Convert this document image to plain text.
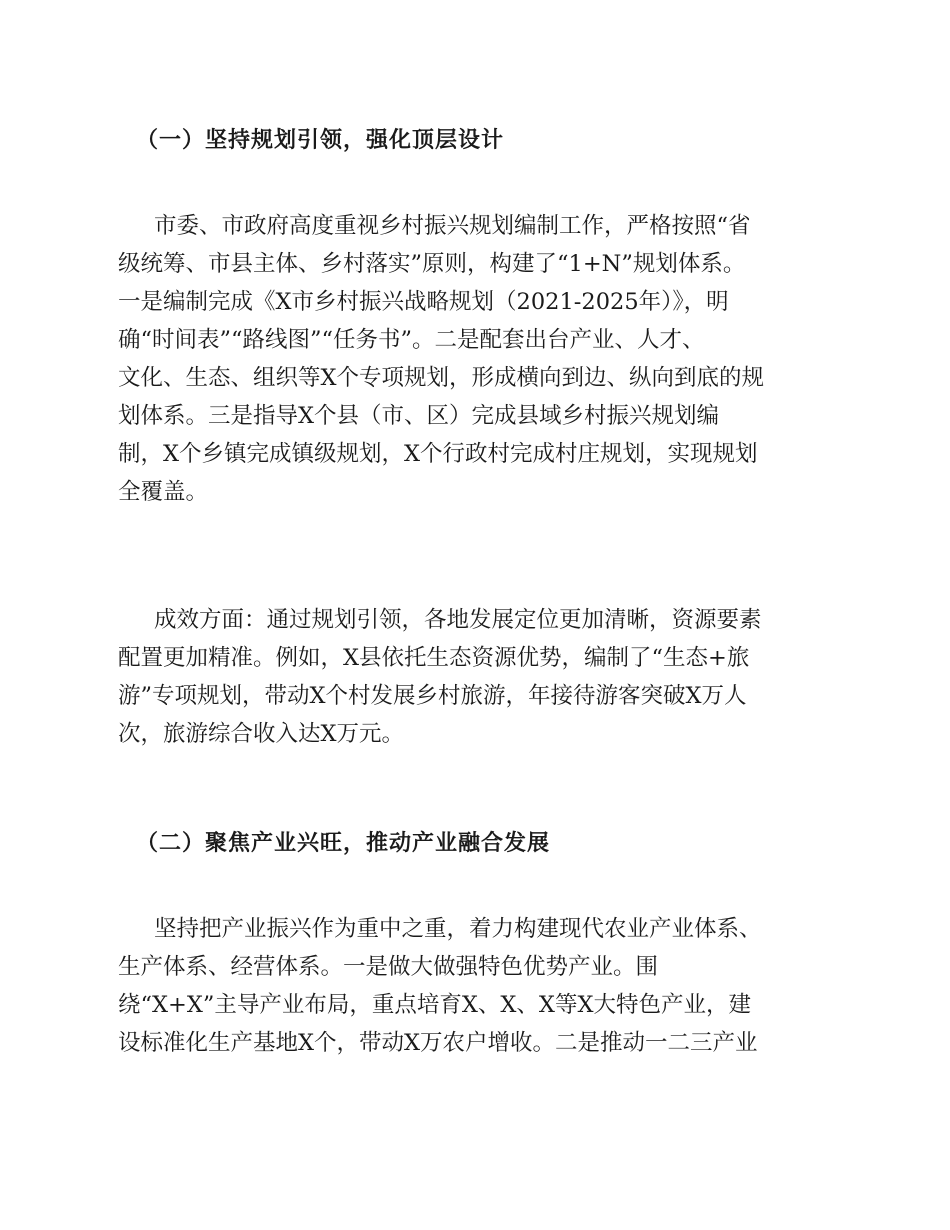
（一）坚持规划引领，强化顶层设计
市委、市政府高度重视乡村振兴规划编制工作，严格按照“省
级统筹、市县主体、乡村落实”原则，构建了“1+N”规划体系。
一是编制完成《X市乡村振兴战略规划（2021-2025年）》，明
确“时间表”“路线图”“任务书”。二是配套出台产业、人才、
文化、生态、组织等X个专项规划，形成横向到边、纵向到底的规
划体系。三是指导X个县（市、区）完成县域乡村振兴规划编
制，X个乡镇完成镇级规划，X个行政村完成村庄规划，实现规划
全覆盖。
成效方面：通过规划引领，各地发展定位更加清晰，资源要素
配置更加精准。例如，X县依托生态资源优势，编制了“生态+旅
游”专项规划，带动X个村发展乡村旅游，年接待游客突破X万人
次，旅游综合收入达X万元。
（二）聚焦产业兴旺，推动产业融合发展
坚持把产业振兴作为重中之重，着力构建现代农业产业体系、
生产体系、经营体系。一是做大做强特色优势产业。围
绕“X+X”主导产业布局，重点培育X、X、X等X大特色产业，建
设标准化生产基地X个，带动X万农户增收。二是推动一二三产业
